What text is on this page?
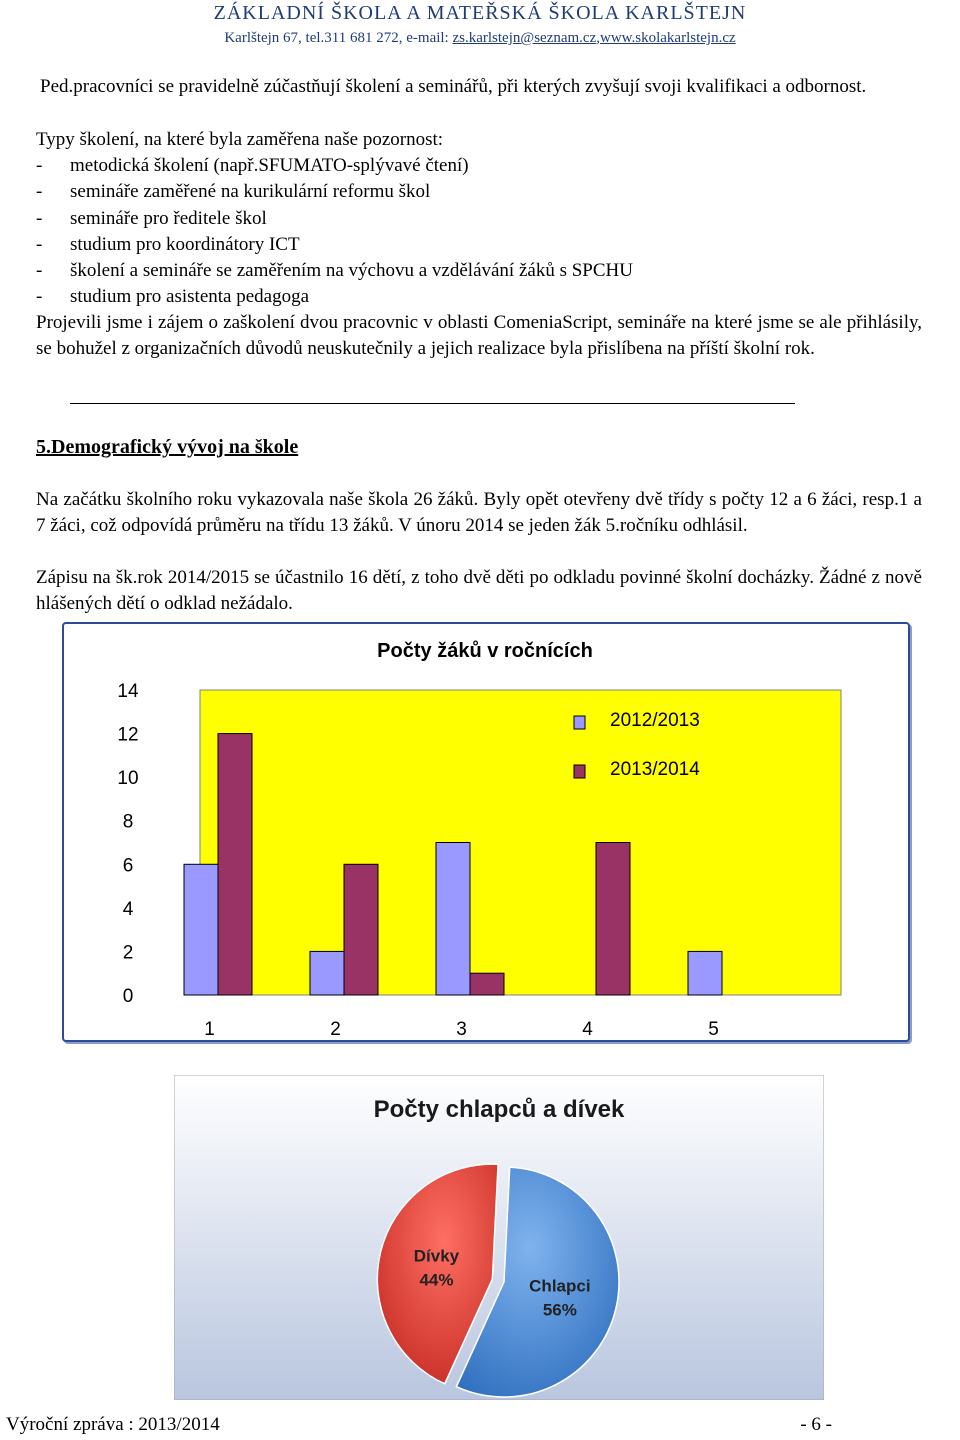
ZÁKLADNÍ ŠKOLA A MATEŘSKÁ ŠKOLA KARLŠTEJN
Karlštejn 67, tel.311 681 272, e-mail: zs.karlstejn@seznam.cz,www.skolakarlstejn.cz
Ped.pracovníci se pravidelně zúčastňují školení a seminářů, při kterých zvyšují svoji kvalifikaci a odbornost.
Typy školení, na které byla zaměřena naše pozornost:
- metodická školení (např.SFUMATO-splývavé čtení)
- semináře zaměřené na kurikulární reformu škol
- semináře pro ředitele škol
- studium pro koordinátory ICT
- školení a semináře se zaměřením na výchovu a vzdělávání žáků s SPCHU
- studium pro asistenta pedagoga
Projevili jsme i zájem o zaškolení dvou pracovnic v oblasti ComeniaScript, semináře na které jsme se ale přihlásily, se bohužel z organizačních důvodů neuskutečnily a jejich realizace byla přislíbena na příští školní rok.
5.Demografický vývoj na škole
Na začátku školního roku vykazovala naše škola 26 žáků. Byly opět otevřeny dvě třídy s počty 12 a 6 žáci, resp.1 a 7 žáci, což odpovídá průměru na třídu 13 žáků. V únoru 2014 se jeden žák 5.ročníku odhlásil.
Zápisu na šk.rok 2014/2015 se účastnilo 16 dětí, z toho dvě děti po odkladu povinné školní docházky. Žádné z nově hlášených dětí o odklad nežádalo.
Počty žáků v ročnících
0
2
4
6
8
10
12
14
1	2	3	4	5
2012/2013
2013/2014
Počty chlapců a dívek
Chlapci
56%
Dívky
44%
Výroční zpráva : 2013/2014	- 6 -
